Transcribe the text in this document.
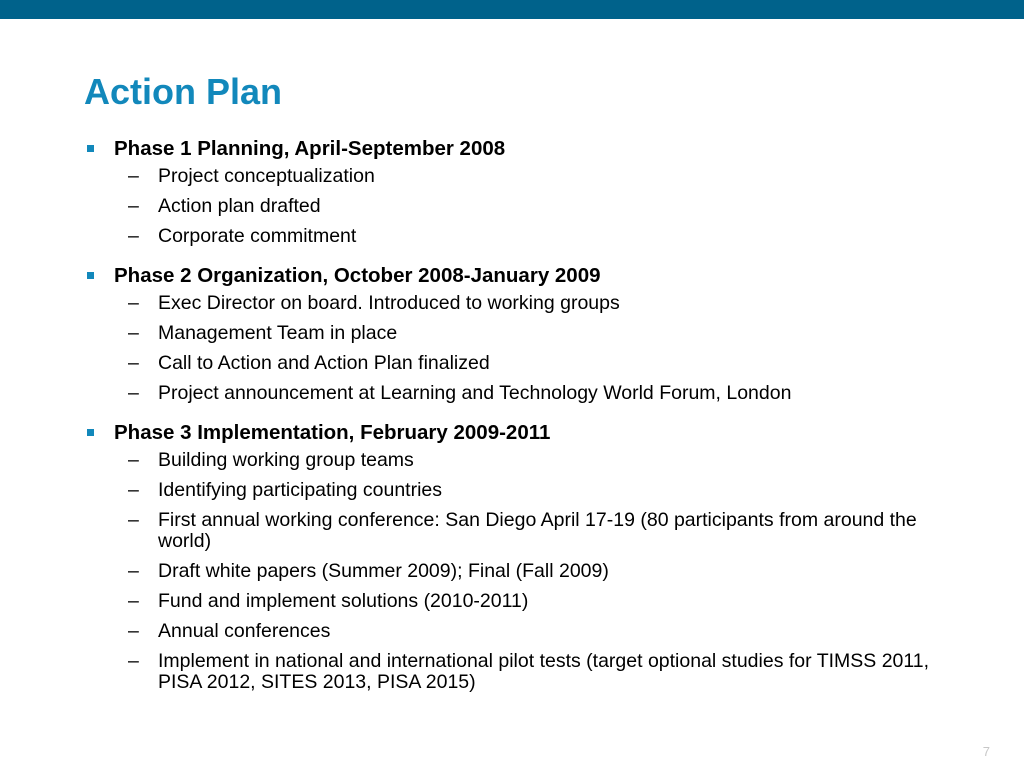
Action Plan
Phase 1 Planning, April-September 2008
– Project conceptualization
– Action plan drafted
– Corporate commitment
Phase 2 Organization, October 2008-January 2009
– Exec Director on board. Introduced to working groups
– Management Team in place
– Call to Action and Action Plan finalized
– Project announcement at Learning and Technology World Forum, London
Phase 3 Implementation, February 2009-2011
– Building working group teams
– Identifying participating countries
– First annual working conference: San Diego April 17-19 (80 participants from around the world)
– Draft white papers (Summer 2009); Final (Fall 2009)
– Fund and implement solutions (2010-2011)
– Annual conferences
– Implement in national and international pilot tests (target optional studies for TIMSS 2011, PISA 2012, SITES 2013, PISA 2015)
7
